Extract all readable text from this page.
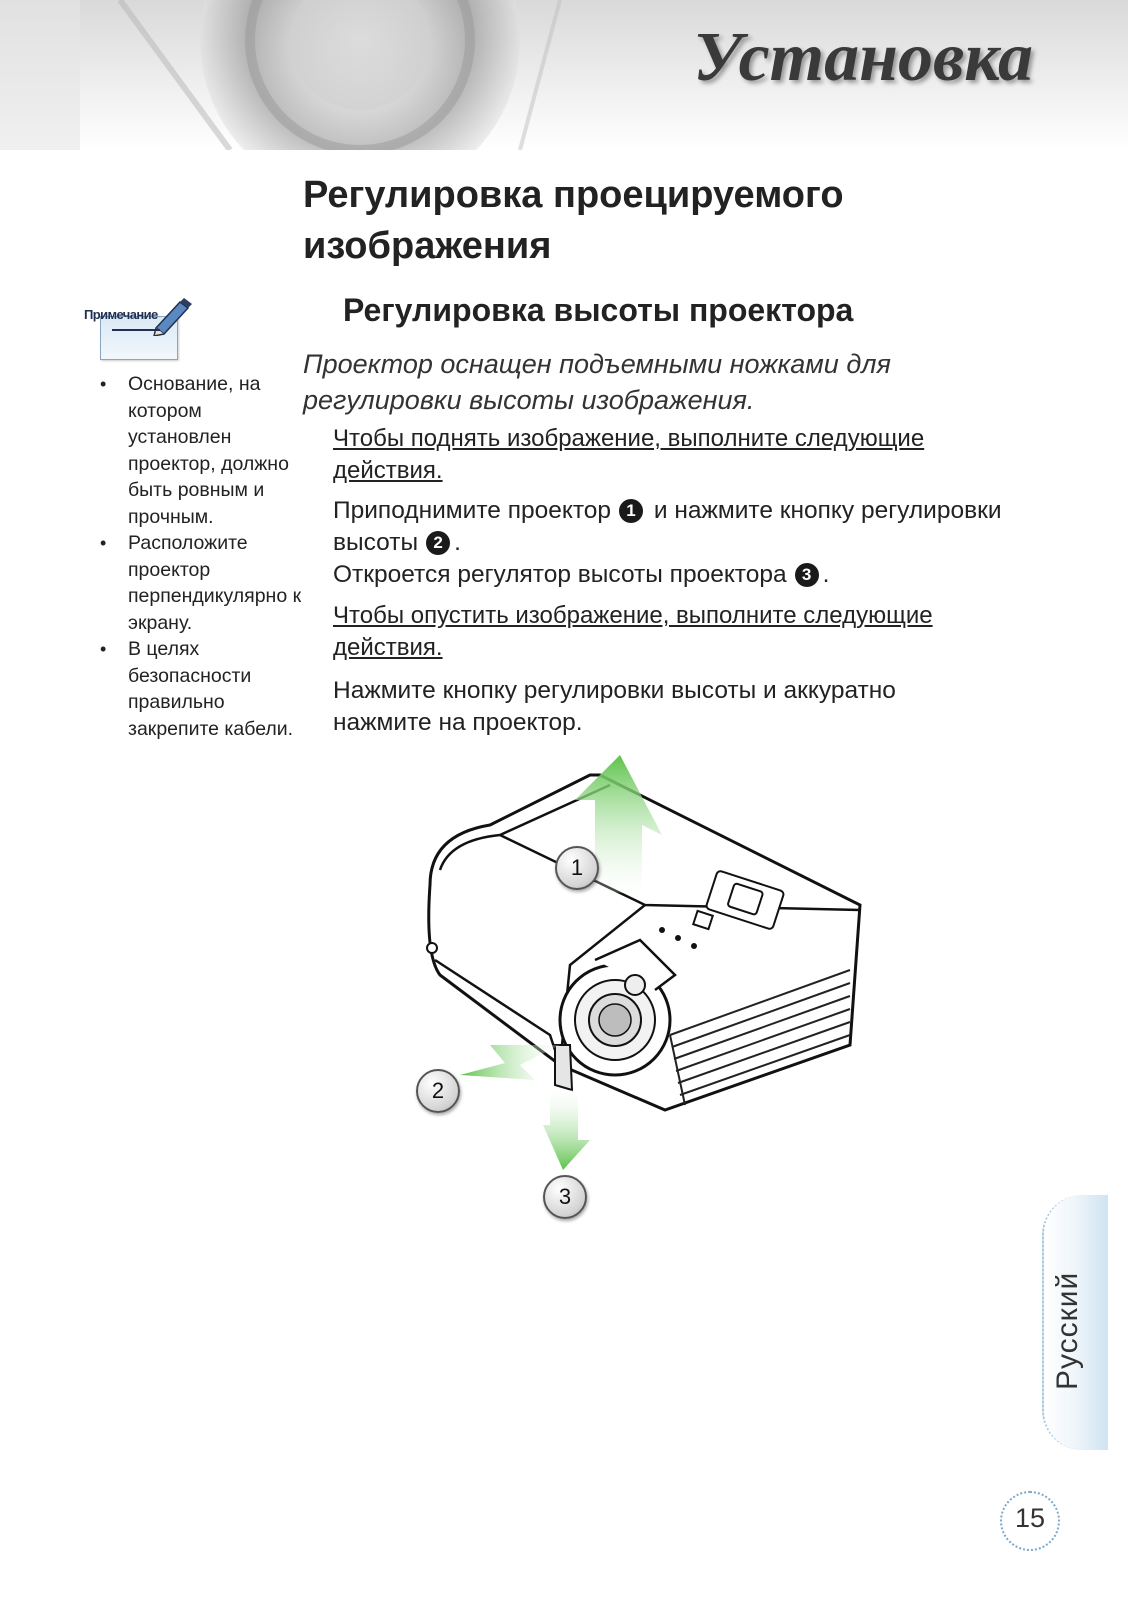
Установка
Регулировка проецируемого изображения
Регулировка высоты проектора

Проектор оснащен подъемными ножками для регулировки высоты изображения.

Чтобы поднять изображение, выполните следующие действия.

Приподнимите проектор 1 и нажмите кнопку регулировки высоты 2 .
Откроется регулятор высоты проектора 3 .

Чтобы опустить изображение, выполните следующие действия.

Нажмите кнопку регулировки высоты и аккуратно нажмите на проектор.

Примечание
• Основание, на котором установлен проектор, должно быть ровным и прочным.
• Расположите проектор перпендикулярно к экрану.
• В целях безопасности правильно закрепите кабели.
1
2
3
Русский
15
